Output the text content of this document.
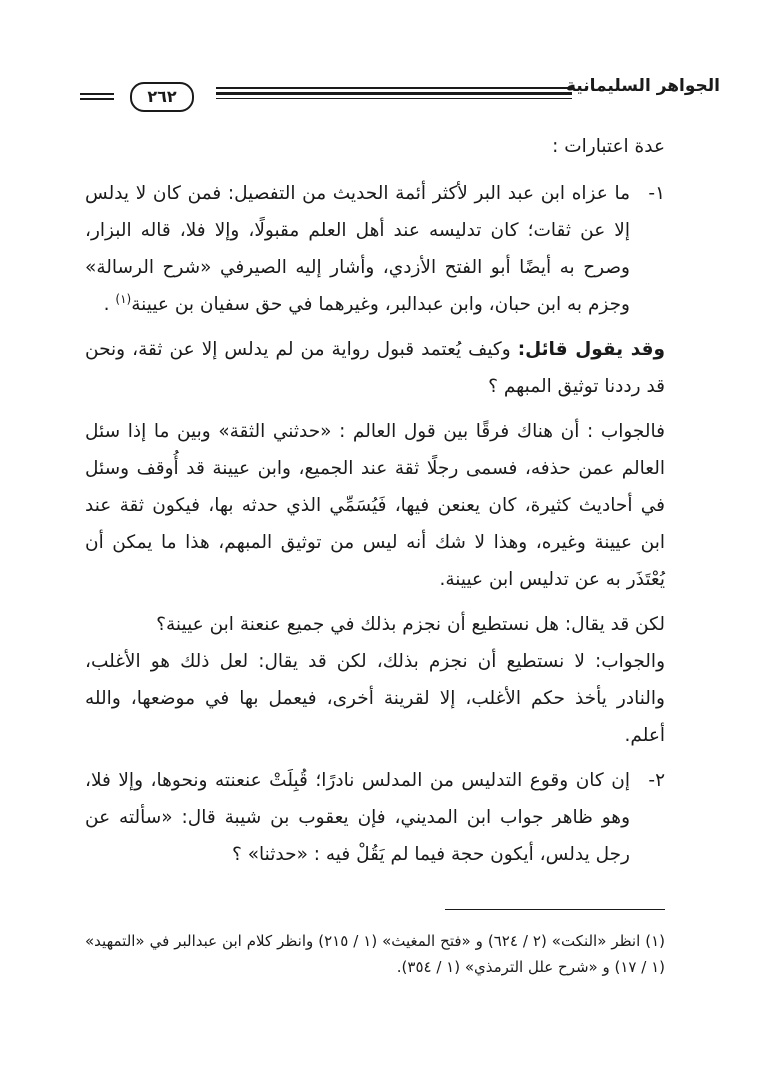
الجواهر السليمانية
٢٦٢

عدة اعتبارات :

١-
ما عزاه ابن عبد البر لأكثر أئمة الحديث من التفصيل: فمن كان لا يدلس إلا عن ثقات؛ كان تدليسه عند أهل العلم مقبولًا، وإلا فلا، قاله البزار، وصرح به أيضًا أبو الفتح الأزدي، وأشار إليه الصيرفي «شرح الرسالة» وجزم به ابن حبان، وابن عبدالبر، وغيرهما في حق سفيان بن عيينة$^{(١)}$ .

وقد يقول قائل: وكيف يُعتمد قبول رواية من لم يدلس إلا عن ثقة، ونحن قد رددنا توثيق المبهم ؟

فالجواب : أن هناك فرقًا بين قول العالم : «حدثني الثقة» وبين ما إذا سئل العالم عمن حذفه، فسمى رجلًا ثقة عند الجميع، وابن عيينة قد أُوقف وسئل في أحاديث كثيرة، كان يعنعن فيها، فَيُسَمِّي الذي حدثه بها، فيكون ثقة عند ابن عيينة وغيره، وهذا لا شك أنه ليس من توثيق المبهم، هذا ما يمكن أن يُعْتَذَر به عن تدليس ابن عيينة.

لكن قد يقال: هل نستطيع أن نجزم بذلك في جميع عنعنة ابن عيينة؟

والجواب: لا نستطيع أن نجزم بذلك، لكن قد يقال: لعل ذلك هو الأغلب، والنادر يأخذ حكم الأغلب، إلا لقرينة أخرى، فيعمل بها في موضعها، والله أعلم.

٢-
إن كان وقوع التدليس من المدلس نادرًا؛ قُبِلَتْ عنعنته ونحوها، وإلا فلا، وهو ظاهر جواب ابن المديني، فإن يعقوب بن شيبة قال: «سألته عن رجل يدلس، أيكون حجة فيما لم يَقُلْ فيه : «حدثنا» ؟

(١) انظر «النكت» (٢ / ٦٢٤) و «فتح المغيث» (١ / ٢١٥) وانظر كلام ابن عبدالبر في «التمهيد» (١ / ١٧) و «شرح علل الترمذي» (١ / ٣٥٤).
